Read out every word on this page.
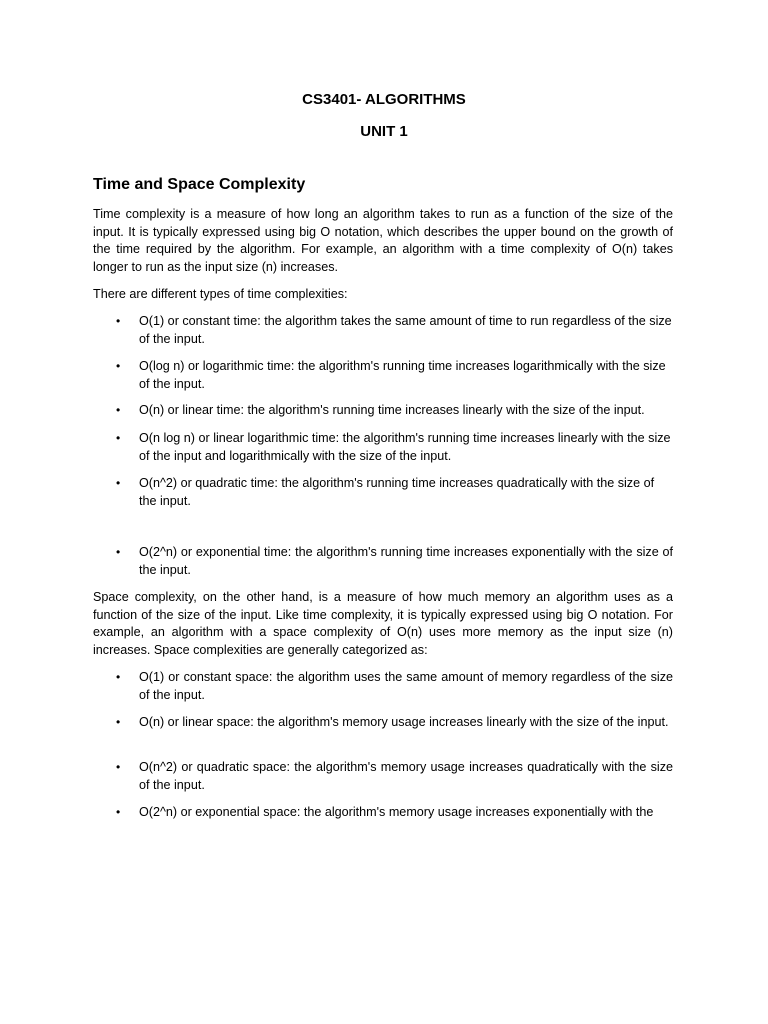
CS3401- ALGORITHMS
UNIT 1
Time and Space Complexity
Time complexity is a measure of how long an algorithm takes to run as a function of the size of the input. It is typically expressed using big O notation, which describes the upper bound on the growth of the time required by the algorithm. For example, an algorithm with a time complexity of O(n) takes longer to run as the input size (n) increases.
There are different types of time complexities:
• O(1) or constant time: the algorithm takes the same amount of time to run regardless of the size of the input.
• O(log n) or logarithmic time: the algorithm's running time increases logarithmically with the size of the input.
• O(n) or linear time: the algorithm's running time increases linearly with the size of the input.
• O(n log n) or linear logarithmic time: the algorithm's running time increases linearly with the size of the input and logarithmically with the size of the input.
• O(n^2) or quadratic time: the algorithm's running time increases quadratically with the size of the input.
• O(2^n) or exponential time: the algorithm's running time increases exponentially with the size of the input.
Space complexity, on the other hand, is a measure of how much memory an algorithm uses as a function of the size of the input. Like time complexity, it is typically expressed using big O notation. For example, an algorithm with a space complexity of O(n) uses more memory as the input size (n) increases. Space complexities are generally categorized as:
• O(1) or constant space: the algorithm uses the same amount of memory regardless of the size of the input.
• O(n) or linear space: the algorithm's memory usage increases linearly with the size of the input.
• O(n^2) or quadratic space: the algorithm's memory usage increases quadratically with the size of the input.
• O(2^n) or exponential space: the algorithm's memory usage increases exponentially with the
